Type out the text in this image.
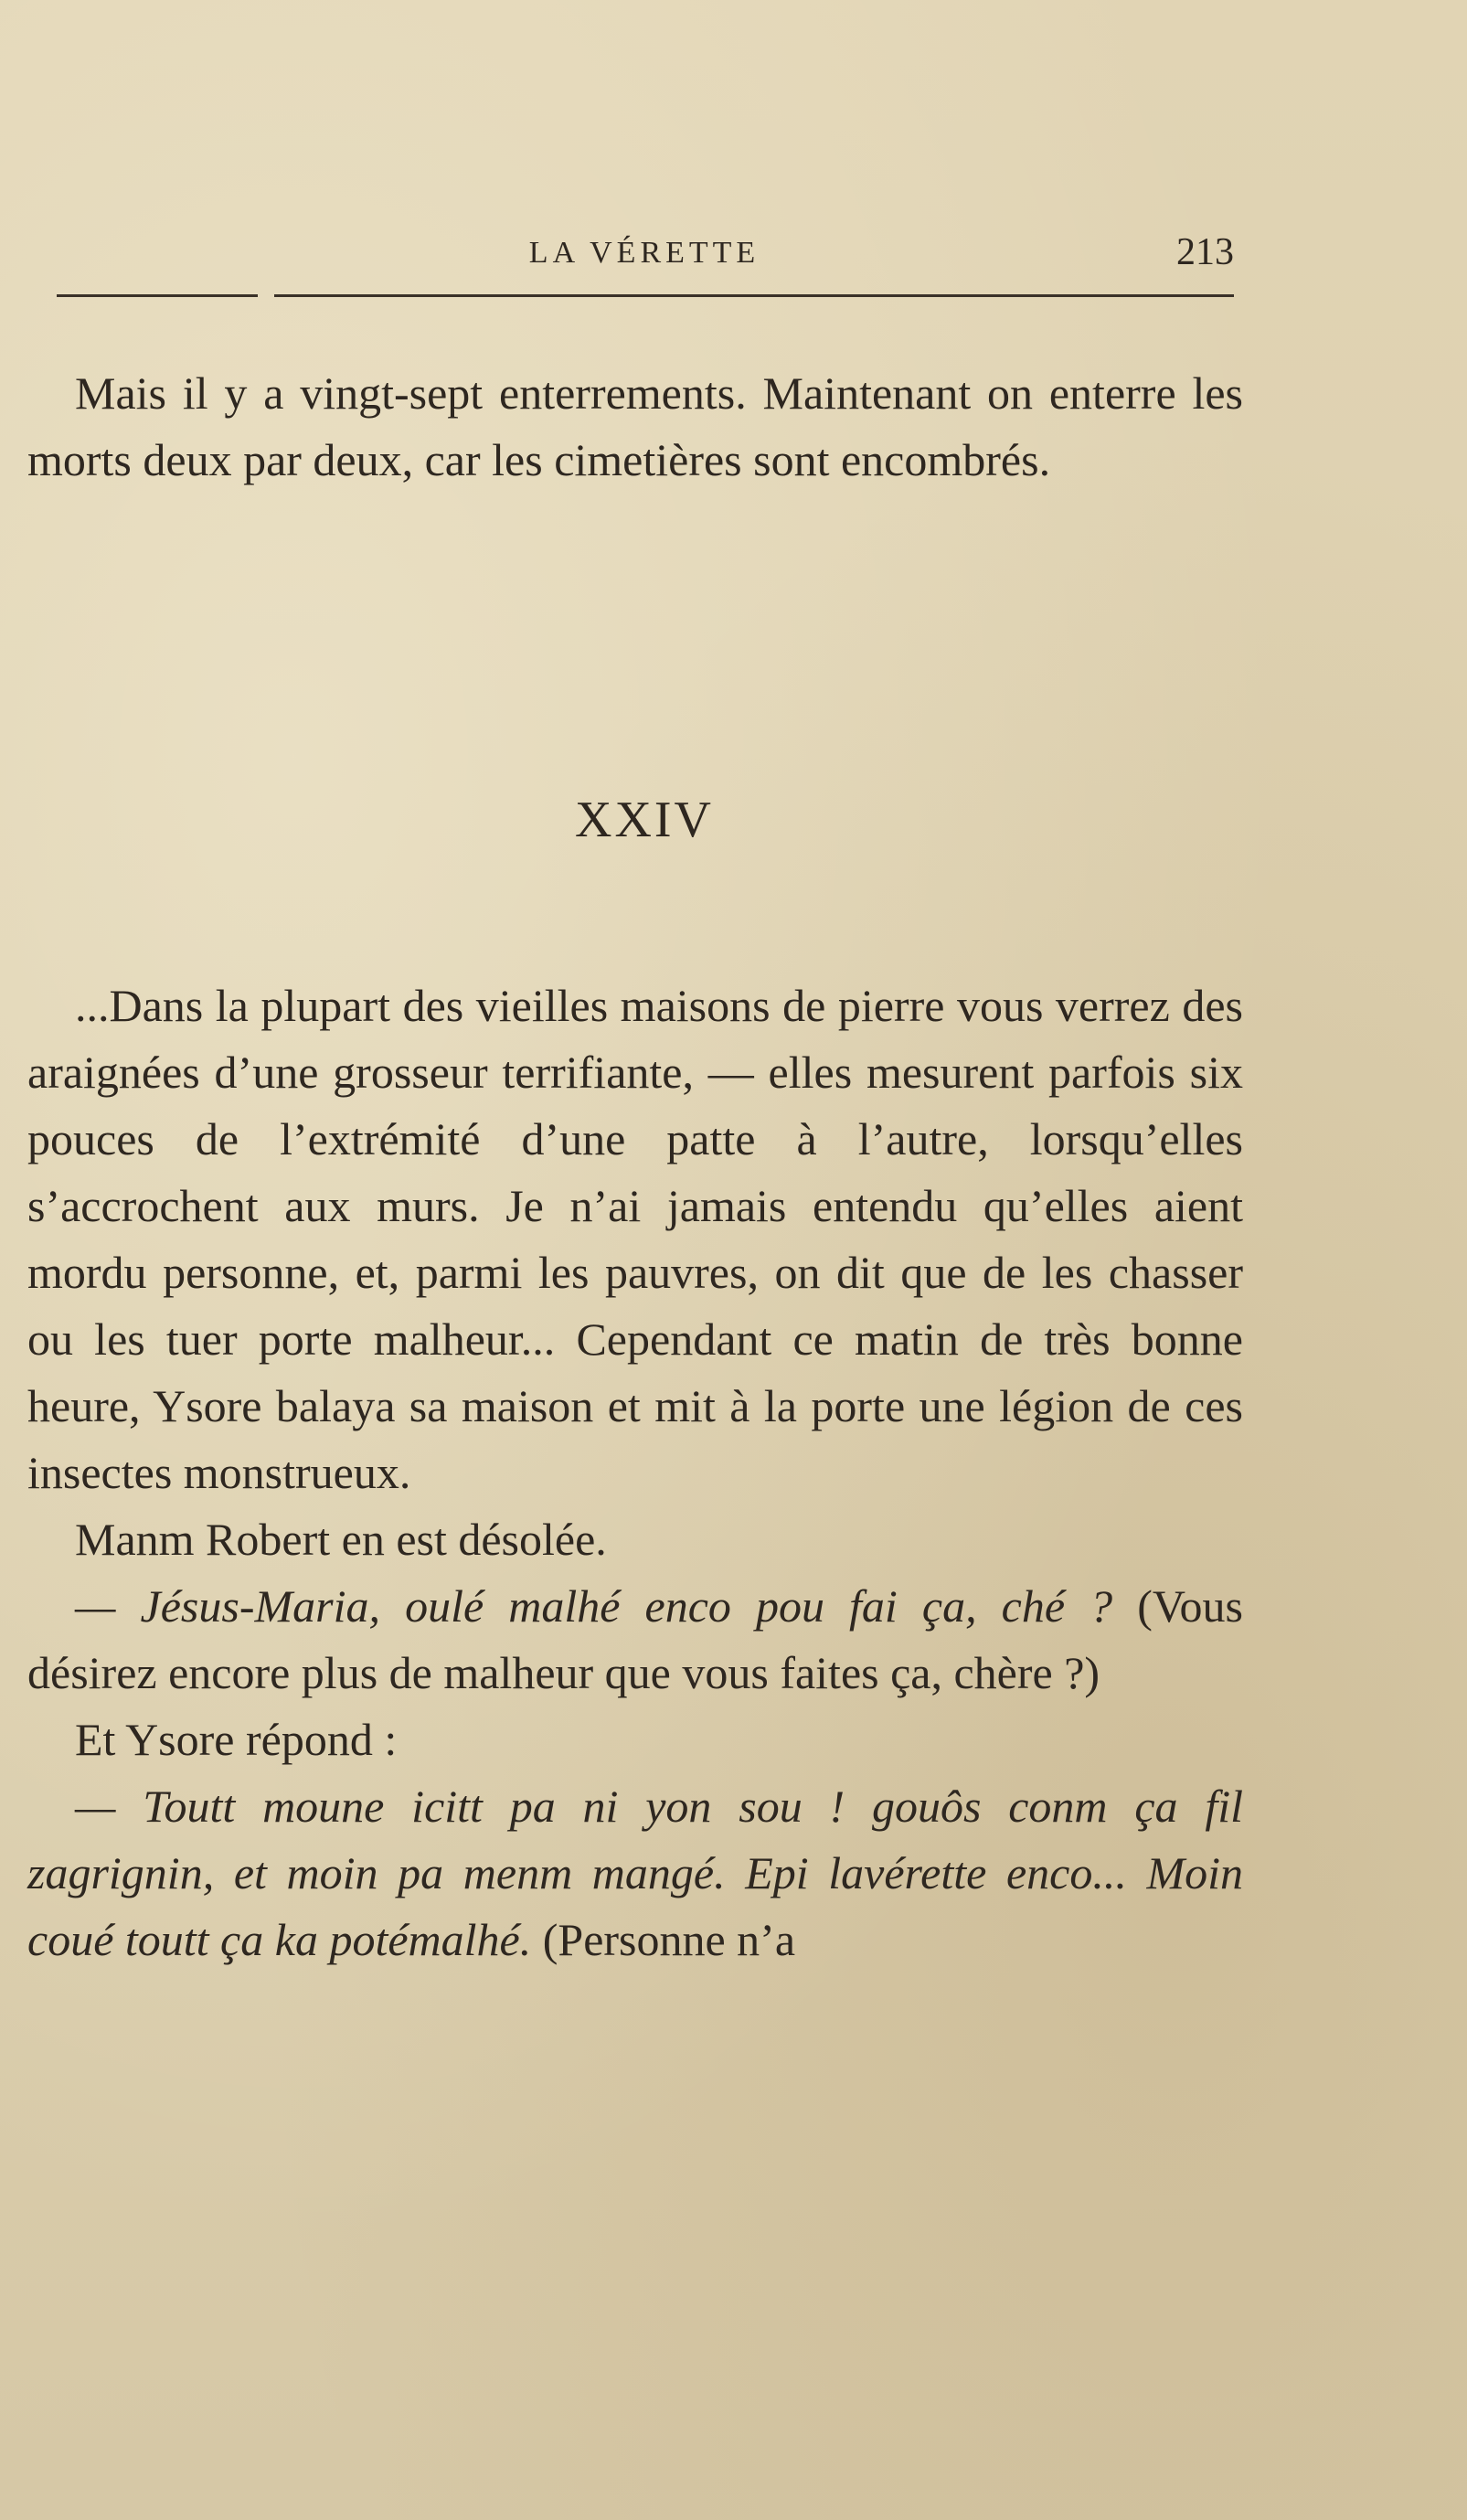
LA VÉRETTE	213

Mais il y a vingt-sept enterrements. Maintenant on enterre les morts deux par deux, car les cimetières sont encombrés.

XXIV

...Dans la plupart des vieilles maisons de pierre vous verrez des araignées d’une grosseur terrifiante, — elles mesurent parfois six pouces de l’extrémité d’une patte à l’autre, lorsqu’elles s’accrochent aux murs. Je n’ai jamais entendu qu’elles aient mordu personne, et, parmi les pauvres, on dit que de les chasser ou les tuer porte malheur... Cependant ce matin de très bonne heure, Ysore balaya sa maison et mit à la porte une légion de ces insectes monstrueux.

Manm Robert en est désolée.

— Jésus-Maria, oulé malhé enco pou fai ça, ché ? (Vous désirez encore plus de malheur que vous faites ça, chère ?)

Et Ysore répond :

— Toutt moune icitt pa ni yon sou ! gouôs conm ça fil zagrignin, et moin pa menm mangé. Epi lavérette enco... Moin coué toutt ça ka potémalhé. (Personne n’a
